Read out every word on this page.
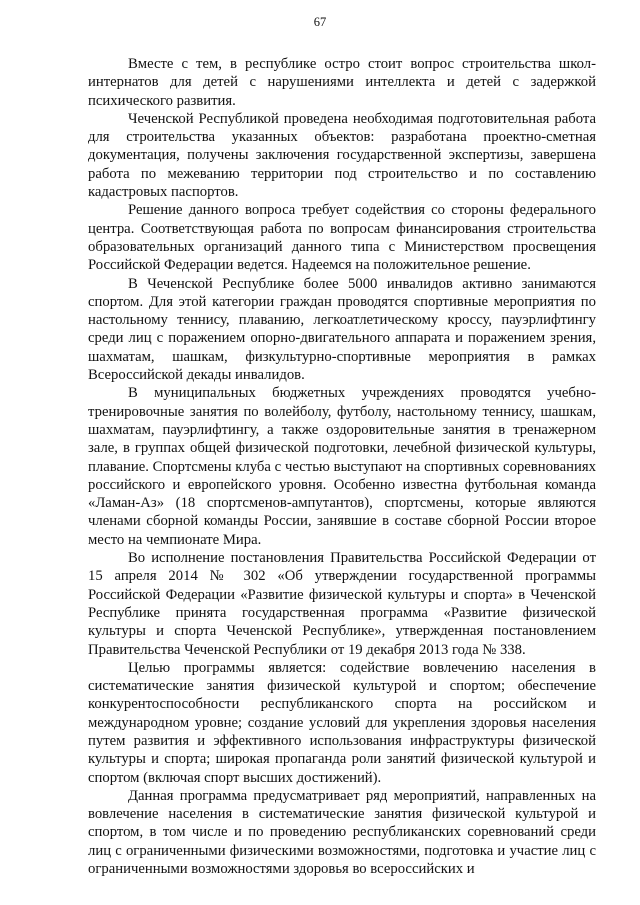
67

Вместе с тем, в республике остро стоит вопрос строительства школ-интернатов для детей с нарушениями интеллекта и детей с задержкой психического развития.

Чеченской Республикой проведена необходимая подготовительная работа для строительства указанных объектов: разработана проектно-сметная документация, получены заключения государственной экспертизы, завершена работа по межеванию территории под строительство и по составлению кадастровых паспортов.

Решение данного вопроса требует содействия со стороны федерального центра. Соответствующая работа по вопросам финансирования строительства образовательных организаций данного типа с Министерством просвещения Российской Федерации ведется. Надеемся на положительное решение.

В Чеченской Республике более 5000 инвалидов активно занимаются спортом. Для этой категории граждан проводятся спортивные мероприятия по настольному теннису, плаванию, легкоатлетическому кроссу, пауэрлифтингу среди лиц с поражением опорно-двигательного аппарата и поражением зрения, шахматам, шашкам, физкультурно-спортивные мероприятия в рамках Всероссийской декады инвалидов.

В муниципальных бюджетных учреждениях проводятся учебно-тренировочные занятия по волейболу, футболу, настольному теннису, шашкам, шахматам, пауэрлифтингу, а также оздоровительные занятия в тренажерном зале, в группах общей физической подготовки, лечебной физической культуры, плавание. Спортсмены клуба с честью выступают на спортивных соревнованиях российского и европейского уровня. Особенно известна футбольная команда «Ламан-Аз» (18 спортсменов-ампутантов), спортсмены, которые являются членами сборной команды России, занявшие в составе сборной России второе место на чемпионате Мира.

Во исполнение постановления Правительства Российской Федерации от 15 апреля 2014 № 302 «Об утверждении государственной программы Российской Федерации «Развитие физической культуры и спорта» в Чеченской Республике принята государственная программа «Развитие физической культуры и спорта Чеченской Республике», утвержденная постановлением Правительства Чеченской Республики от 19 декабря 2013 года № 338.

Целью программы является: содействие вовлечению населения в систематические занятия физической культурой и спортом; обеспечение конкурентоспособности республиканского спорта на российском и международном уровне; создание условий для укрепления здоровья населения путем развития и эффективного использования инфраструктуры физической культуры и спорта; широкая пропаганда роли занятий физической культурой и спортом (включая спорт высших достижений).

Данная программа предусматривает ряд мероприятий, направленных на вовлечение населения в систематические занятия физической культурой и спортом, в том числе и по проведению республиканских соревнований среди лиц с ограниченными физическими возможностями, подготовка и участие лиц с ограниченными возможностями здоровья во всероссийских и
